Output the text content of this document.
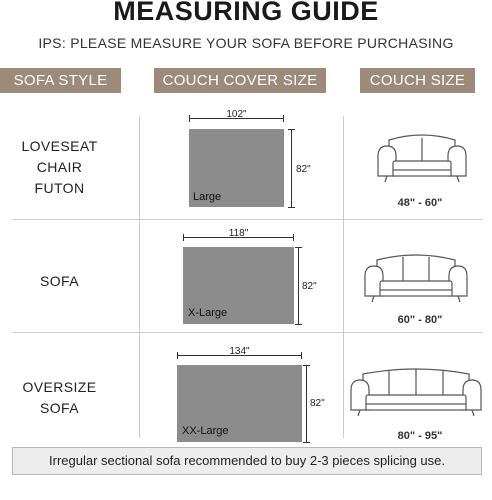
MEASURING GUIDE
IPS: PLEASE MEASURE YOUR SOFA BEFORE PURCHASING
SOFA STYLE	COUCH COVER SIZE	COUCH SIZE
LOVESEAT
CHAIR
FUTON
102"
Large
82"
48" - 60"
SOFA
118"
X-Large
82"
60" - 80"
OVERSIZE
SOFA
134"
XX-Large
82"
80" - 95"
Irregular sectional sofa recommended to buy 2-3 pieces splicing use.
